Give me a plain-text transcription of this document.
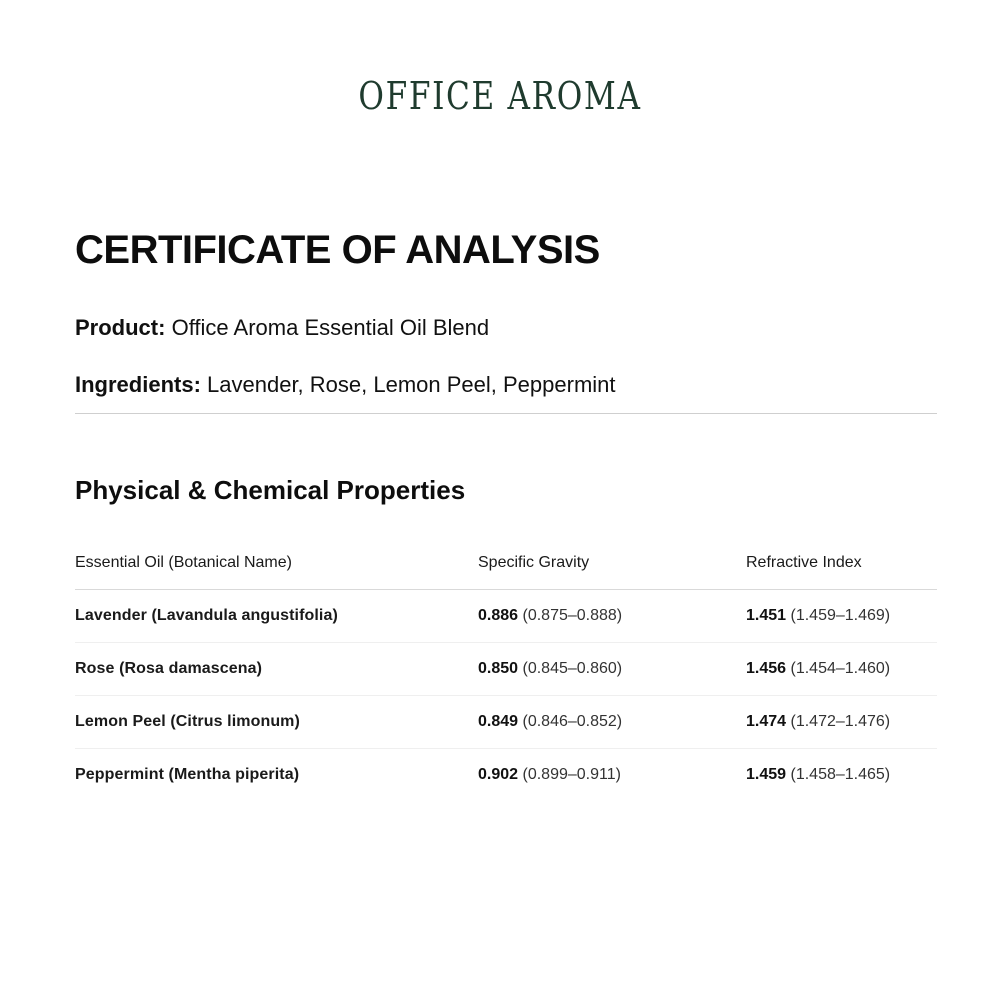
OFFICE AROMA
CERTIFICATE OF ANALYSIS
Product: Office Aroma Essential Oil Blend
Ingredients: Lavender, Rose, Lemon Peel, Peppermint
Physical & Chemical Properties
Essential Oil (Botanical Name)	Specific Gravity	Refractive Index
Lavender (Lavandula angustifolia)	0.886 (0.875–0.888)	1.451 (1.459–1.469)
Rose (Rosa damascena)	0.850 (0.845–0.860)	1.456 (1.454–1.460)
Lemon Peel (Citrus limonum)	0.849 (0.846–0.852)	1.474 (1.472–1.476)
Peppermint (Mentha piperita)	0.902 (0.899–0.911)	1.459 (1.458–1.465)
